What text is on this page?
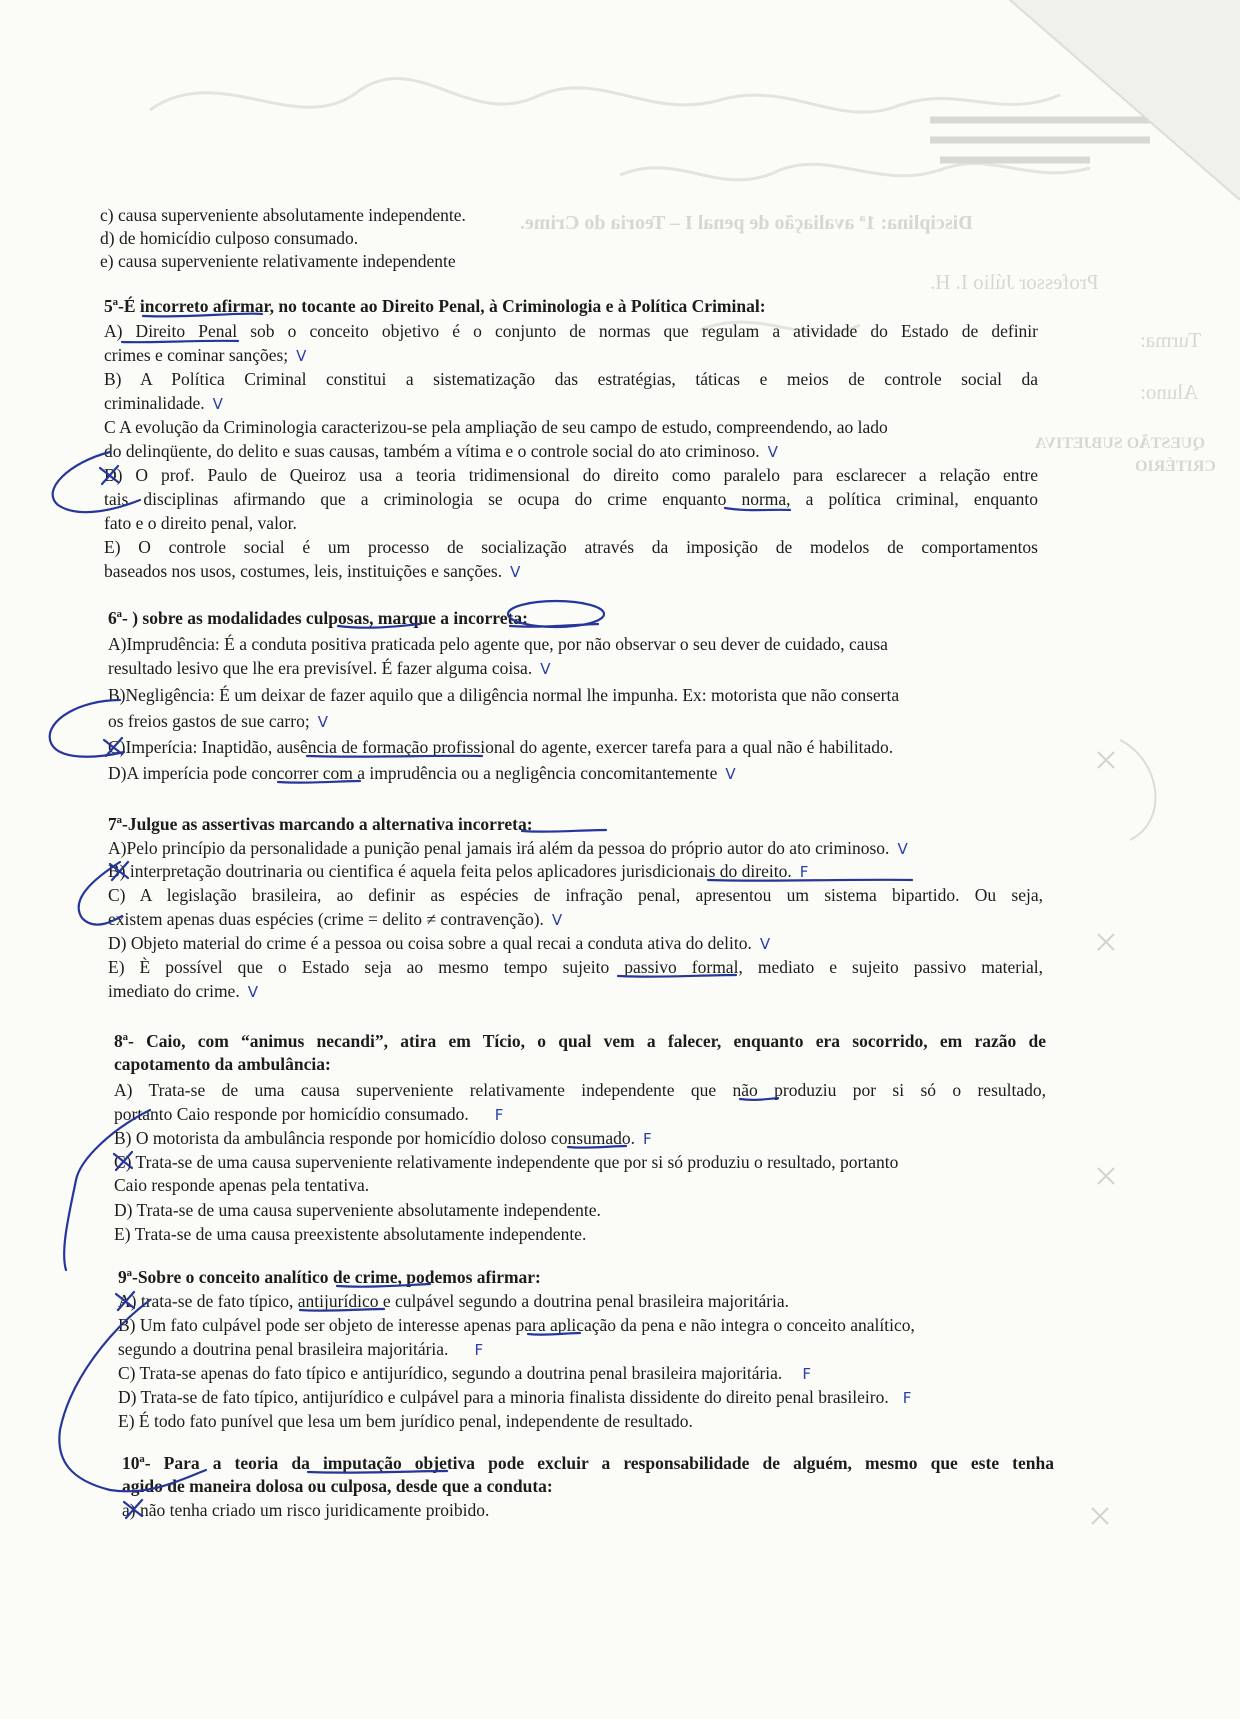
Disciplina: 1ª avaliação de penal I – Teoria do Crime.
Professor Júlio I. H.
Turma:
Aluno:
QUESTÃO SUBJETIVA
CRITÉRIO
c) causa superveniente absolutamente independente.
d) de homicídio culposo consumado.
e) causa superveniente relativamente independente
5ª-É incorreto afirmar, no tocante ao Direito Penal, à Criminologia e à Política Criminal:
A) Direito Penal sob o conceito objetivo é o conjunto de normas que regulam a atividade do Estado de definir
crimes e cominar sanções; V
B) A Política Criminal constitui a sistematização das estratégias, táticas e meios de controle social da
criminalidade. V
C A evolução da Criminologia caracterizou-se pela ampliação de seu campo de estudo, compreendendo, ao lado
do delinqüente, do delito e suas causas, também a vítima e o controle social do ato criminoso. V
D) O prof. Paulo de Queiroz usa a teoria tridimensional do direito como paralelo para esclarecer a relação entre
tais disciplinas afirmando que a criminologia se ocupa do crime enquanto norma, a política criminal, enquanto
fato e o direito penal, valor.
E) O controle social é um processo de socialização através da imposição de modelos de comportamentos
baseados nos usos, costumes, leis, instituições e sanções. V
6ª- ) sobre as modalidades culposas, marque a incorreta:
A)Imprudência: É a conduta positiva praticada pelo agente que, por não observar o seu dever de cuidado, causa
resultado lesivo que lhe era previsível. É fazer alguma coisa. V
B)Negligência: É um deixar de fazer aquilo que a diligência normal lhe impunha. Ex: motorista que não conserta
os freios gastos de sue carro; V
C)Imperícia: Inaptidão, ausência de formação profissional do agente, exercer tarefa para a qual não é habilitado.
D)A imperícia pode concorrer com a imprudência ou a negligência concomitantemente V
7ª-Julgue as assertivas marcando a alternativa incorreta:
A)Pelo princípio da personalidade a punição penal jamais irá além da pessoa do próprio autor do ato criminoso. V
B) interpretação doutrinaria ou cientifica é aquela feita pelos aplicadores jurisdicionais do direito. F
C) A legislação brasileira, ao definir as espécies de infração penal, apresentou um sistema bipartido. Ou seja,
existem apenas duas espécies (crime = delito ≠ contravenção). V
D) Objeto material do crime é a pessoa ou coisa sobre a qual recai a conduta ativa do delito. V
E) È possível que o Estado seja ao mesmo tempo sujeito passivo formal, mediato e sujeito passivo material,
imediato do crime. V
8ª- Caio, com “animus necandi”, atira em Tício, o qual vem a falecer, enquanto era socorrido, em razão de
capotamento da ambulância:
A) Trata-se de uma causa superveniente relativamente independente que não produziu por si só o resultado,
portanto Caio responde por homicídio consumado. F
B) O motorista da ambulância responde por homicídio doloso consumado. F
C) Trata-se de uma causa superveniente relativamente independente que por si só produziu o resultado, portanto
Caio responde apenas pela tentativa.
D) Trata-se de uma causa superveniente absolutamente independente.
E) Trata-se de uma causa preexistente absolutamente independente.
9ª-Sobre o conceito analítico de crime, podemos afirmar:
A) trata-se de fato típico, antijurídico e culpável segundo a doutrina penal brasileira majoritária.
B) Um fato culpável pode ser objeto de interesse apenas para aplicação da pena e não integra o conceito analítico,
segundo a doutrina penal brasileira majoritária. F
C) Trata-se apenas do fato típico e antijurídico, segundo a doutrina penal brasileira majoritária. F
D) Trata-se de fato típico, antijurídico e culpável para a minoria finalista dissidente do direito penal brasileiro. F
E) É todo fato punível que lesa um bem jurídico penal, independente de resultado.
10ª- Para a teoria da imputação objetiva pode excluir a responsabilidade de alguém, mesmo que este tenha
agido de maneira dolosa ou culposa, desde que a conduta:
a) não tenha criado um risco juridicamente proibido.
